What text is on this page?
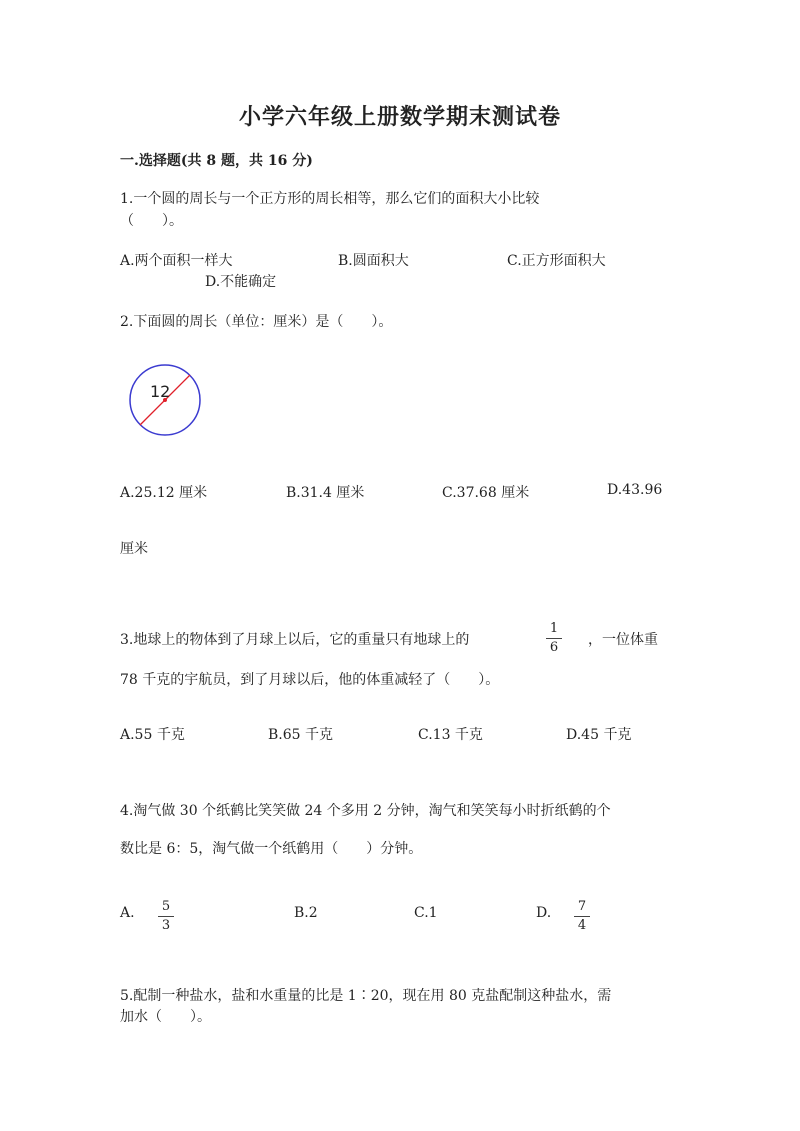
小学六年级上册数学期末测试卷
一.选择题(共 8 题，共 16 分)
1.一个圆的周长与一个正方形的周长相等，那么它们的面积大小比较
（　　）。
A.两个面积一样大	B.圆面积大	C.正方形面积大
D.不能确定
2.下面圆的周长（单位：厘米）是（　　）。
12
A.25.12 厘米	B.31.4 厘米	C.37.68 厘米	D.43.96
厘米
3.地球上的物体到了月球上以后，它的重量只有地球上的
1
6 ，一位体重
78 千克的宇航员，到了月球以后，他的体重减轻了（　　）。
A.55 千克	B.65 千克	C.13 千克	D.45 千克
4.淘气做 30 个纸鹤比笑笑做 24 个多用 2 分钟，淘气和笑笑每小时折纸鹤的个
数比是 6：5，淘气做一个纸鹤用（　　）分钟。
A. 5
3
B.2	C.1	D. 7
4
5.配制一种盐水，盐和水重量的比是 1∶20，现在用 80 克盐配制这种盐水，需
加水（　　）。
